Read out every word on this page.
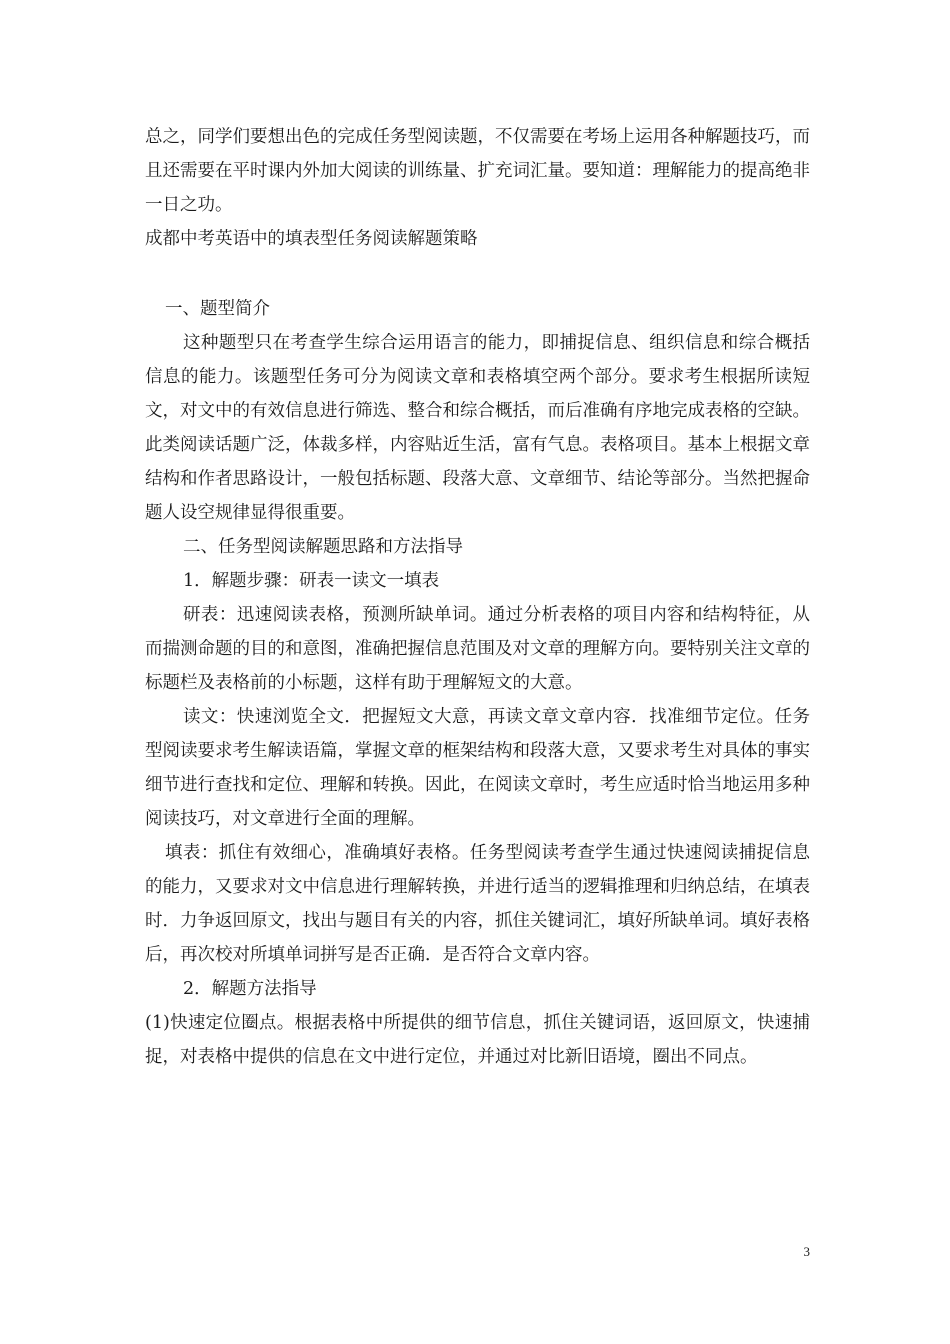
总之，同学们要想出色的完成任务型阅读题，不仅需要在考场上运用各种解题技巧，而且还需要在平时课内外加大阅读的训练量、扩充词汇量。要知道：理解能力的提高绝非一日之功。

成都中考英语中的填表型任务阅读解题策略

一、题型简介

这种题型只在考查学生综合运用语言的能力，即捕捉信息、组织信息和综合概括信息的能力。该题型任务可分为阅读文章和表格填空两个部分。要求考生根据所读短文，对文中的有效信息进行筛选、整合和综合概括，而后准确有序地完成表格的空缺。此类阅读话题广泛，体裁多样，内容贴近生活，富有气息。表格项目。基本上根据文章结构和作者思路设计，一般包括标题、段落大意、文章细节、结论等部分。当然把握命题人设空规律显得很重要。

二、任务型阅读解题思路和方法指导

1．解题步骤：研表一读文一填表

研表：迅速阅读表格，预测所缺单词。通过分析表格的项目内容和结构特征，从而揣测命题的目的和意图，准确把握信息范围及对文章的理解方向。要特别关注文章的标题栏及表格前的小标题，这样有助于理解短文的大意。

读文：快速浏览全文．把握短文大意，再读文章文章内容．找准细节定位。任务型阅读要求考生解读语篇，掌握文章的框架结构和段落大意，又要求考生对具体的事实细节进行查找和定位、理解和转换。因此，在阅读文章时，考生应适时恰当地运用多种阅读技巧，对文章进行全面的理解。

填表：抓住有效细心，准确填好表格。任务型阅读考查学生通过快速阅读捕捉信息的能力，又要求对文中信息进行理解转换，并进行适当的逻辑推理和归纳总结，在填表时．力争返回原文，找出与题目有关的内容，抓住关键词汇，填好所缺单词。填好表格后，再次校对所填单词拼写是否正确．是否符合文章内容。

2．解题方法指导

(1)快速定位圈点。根据表格中所提供的细节信息，抓住关键词语，返回原文，快速捕捉，对表格中提供的信息在文中进行定位，并通过对比新旧语境，圈出不同点。

3
